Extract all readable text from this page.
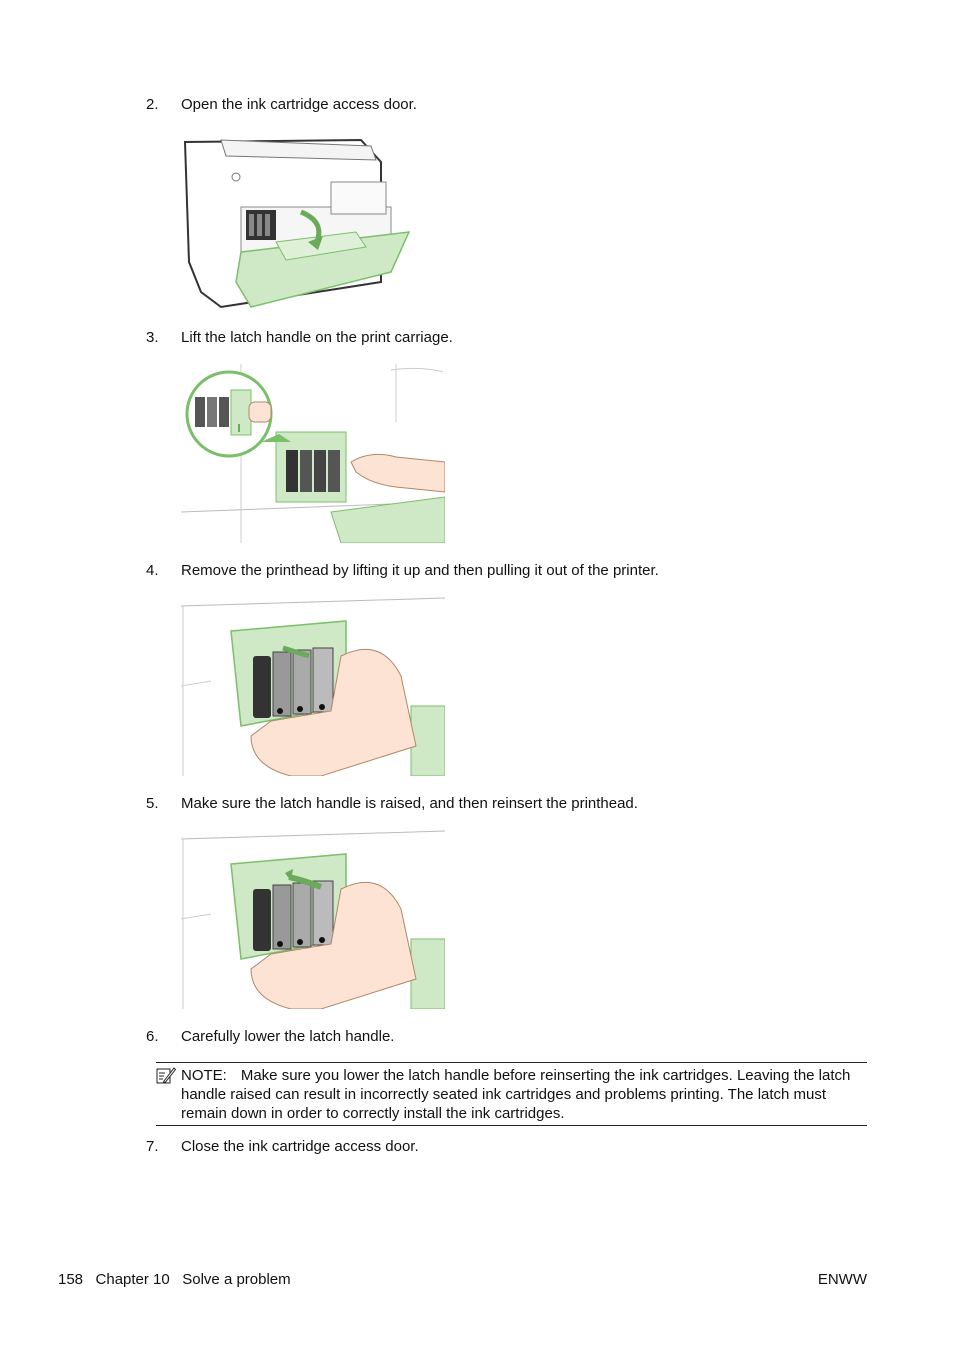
2. Open the ink cartridge access door.
3. Lift the latch handle on the print carriage.
4. Remove the printhead by lifting it up and then pulling it out of the printer.
5. Make sure the latch handle is raised, and then reinsert the printhead.
6. Carefully lower the latch handle.
NOTE: Make sure you lower the latch handle before reinserting the ink cartridges. Leaving the latch handle raised can result in incorrectly seated ink cartridges and problems printing. The latch must remain down in order to correctly install the ink cartridges.
7. Close the ink cartridge access door.
158   Chapter 10   Solve a problem	ENWW
